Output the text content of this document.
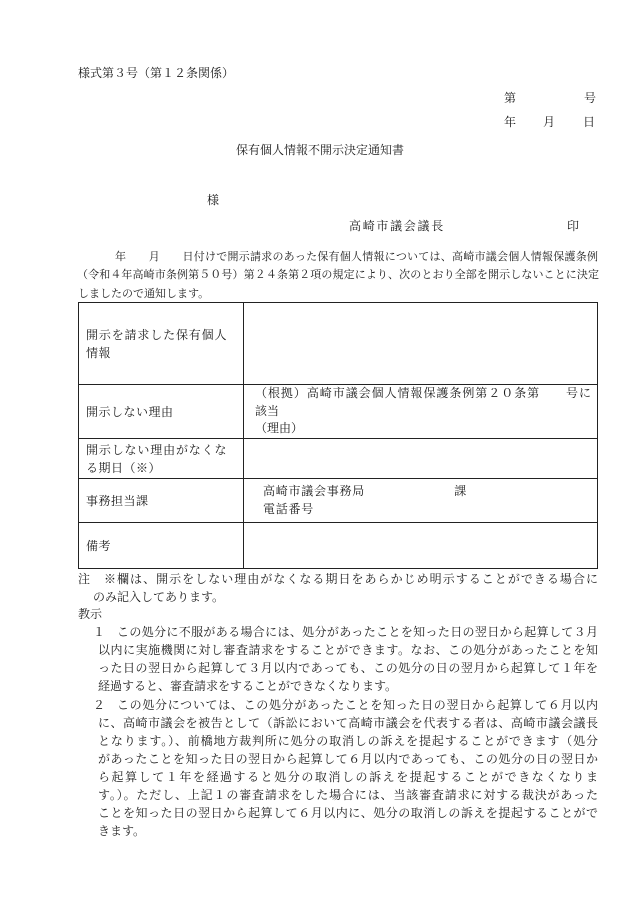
様式第３号（第１２条関係）
第	号
年 月 日
保有個人情報不開示決定通知書
様
高崎市議会議長	印
年　　月　　日付けで開示請求のあった保有個人情報については、高崎市議会個人情報保護条例
（令和４年高崎市条例第５０号）第２４条第２項の規定により、次のとおり全部を開示しないことに決定
しましたので通知します。
開示を請求した保有個人情報
開示しない理由
（根拠）高崎市議会個人情報保護条例第２０条第　　号に
該当
（理由）
開示しない理由がなくなる期日（※）
事務担当課
高崎市議会事務局　　　　　　　課
電話番号
備考
注 ※欄は、開示をしない理由がなくなる期日をあらかじめ明示することができる場合に
のみ記入してあります。
教示
１ この処分に不服がある場合には、処分があったことを知った日の翌日から起算して３月
以内に実施機関に対し審査請求をすることができます。なお、この処分があったことを知
った日の翌日から起算して３月以内であっても、この処分の日の翌月から起算して１年を
経過すると、審査請求をすることができなくなります。
２ この処分については、この処分があったことを知った日の翌日から起算して６月以内
に、高崎市議会を被告として（訴訟において高崎市議会を代表する者は、高崎市議会議長
となります。）、前橋地方裁判所に処分の取消しの訴えを提起することができます（処分
があったことを知った日の翌日から起算して６月以内であっても、この処分の日の翌日か
ら起算して１年を経過すると処分の取消しの訴えを提起することができなくなりま
す。）。ただし、上記１の審査請求をした場合には、当該審査請求に対する裁決があった
ことを知った日の翌日から起算して６月以内に、処分の取消しの訴えを提起することがで
きます。
